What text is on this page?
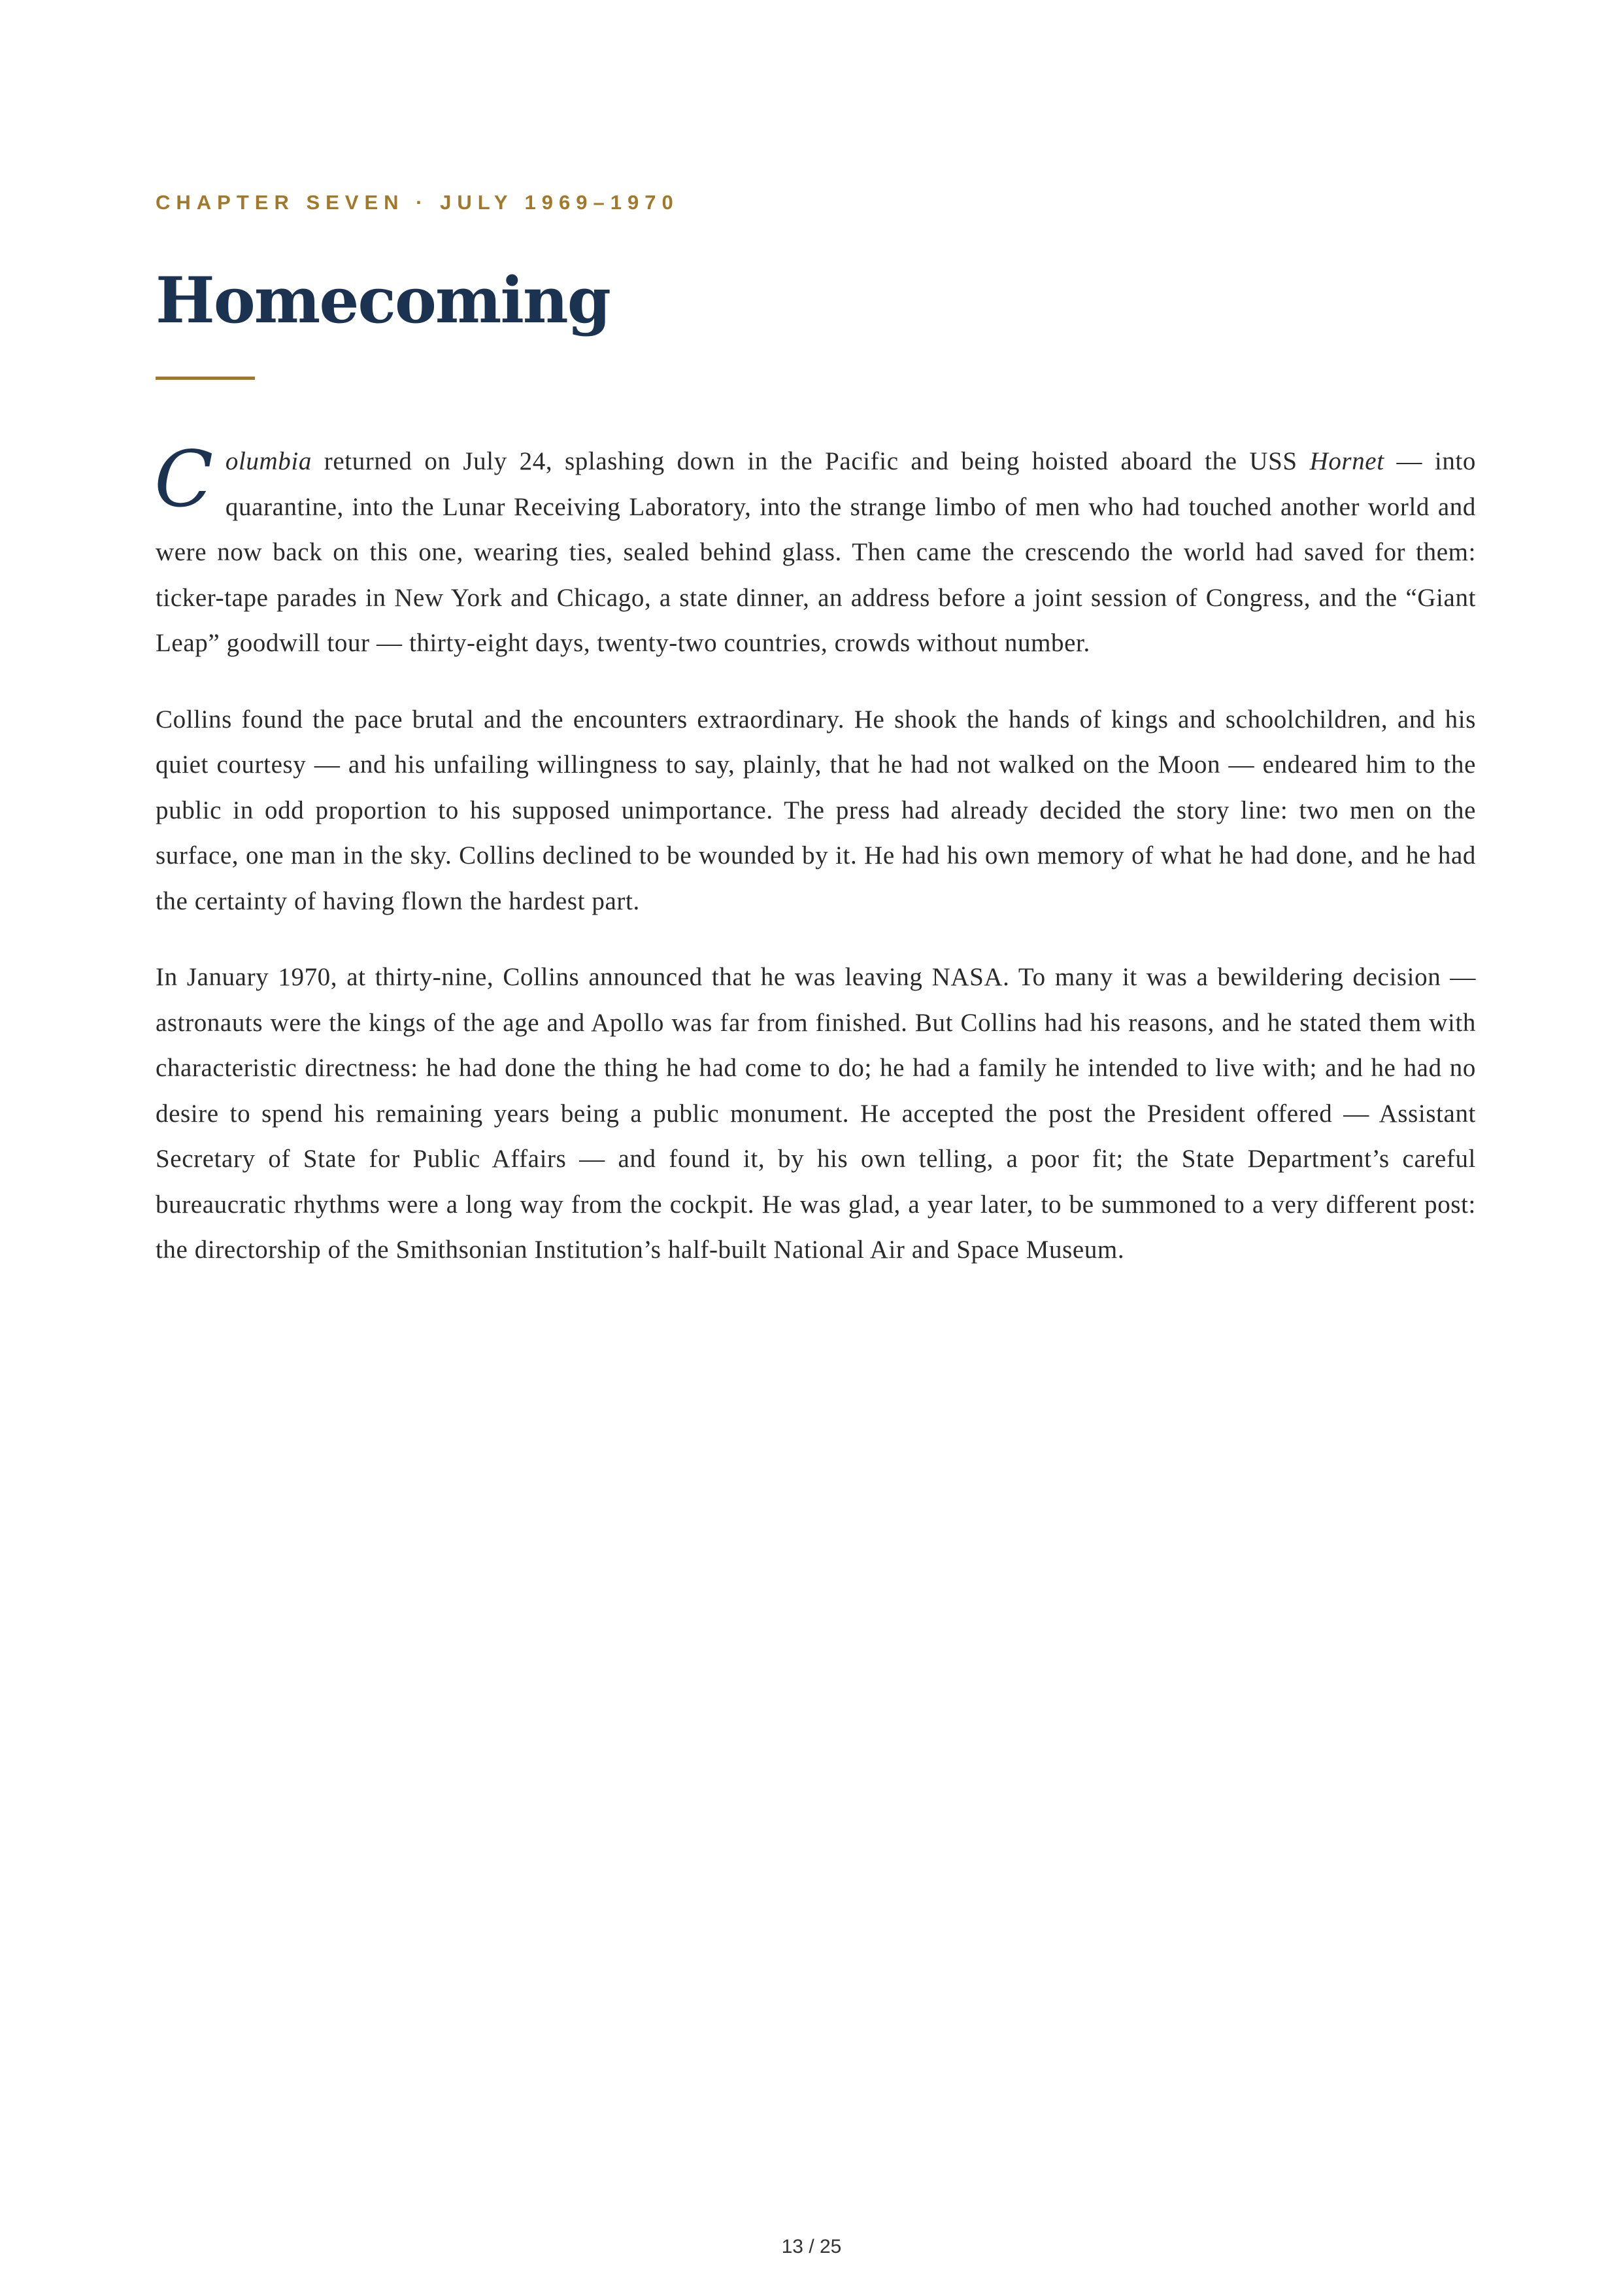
CHAPTER SEVEN · JULY 1969–1970

Homecoming

Columbia returned on July 24, splashing down in the Pacific and being hoisted aboard the USS Hornet — into quarantine, into the Lunar Receiving Laboratory, into the strange limbo of men who had touched another world and were now back on this one, wearing ties, sealed behind glass. Then came the crescendo the world had saved for them: ticker-tape parades in New York and Chicago, a state dinner, an address before a joint session of Congress, and the “Giant Leap” goodwill tour — thirty-eight days, twenty-two countries, crowds without number.

Collins found the pace brutal and the encounters extraordinary. He shook the hands of kings and schoolchildren, and his quiet courtesy — and his unfailing willingness to say, plainly, that he had not walked on the Moon — endeared him to the public in odd proportion to his supposed unimportance. The press had already decided the story line: two men on the surface, one man in the sky. Collins declined to be wounded by it. He had his own memory of what he had done, and he had the certainty of having flown the hardest part.

In January 1970, at thirty-nine, Collins announced that he was leaving NASA. To many it was a bewildering decision — astronauts were the kings of the age and Apollo was far from finished. But Collins had his reasons, and he stated them with characteristic directness: he had done the thing he had come to do; he had a family he intended to live with; and he had no desire to spend his remaining years being a public monument. He accepted the post the President offered — Assistant Secretary of State for Public Affairs — and found it, by his own telling, a poor fit; the State Department’s careful bureaucratic rhythms were a long way from the cockpit. He was glad, a year later, to be summoned to a very different post: the directorship of the Smithsonian Institution’s half-built National Air and Space Museum.

13 / 25
